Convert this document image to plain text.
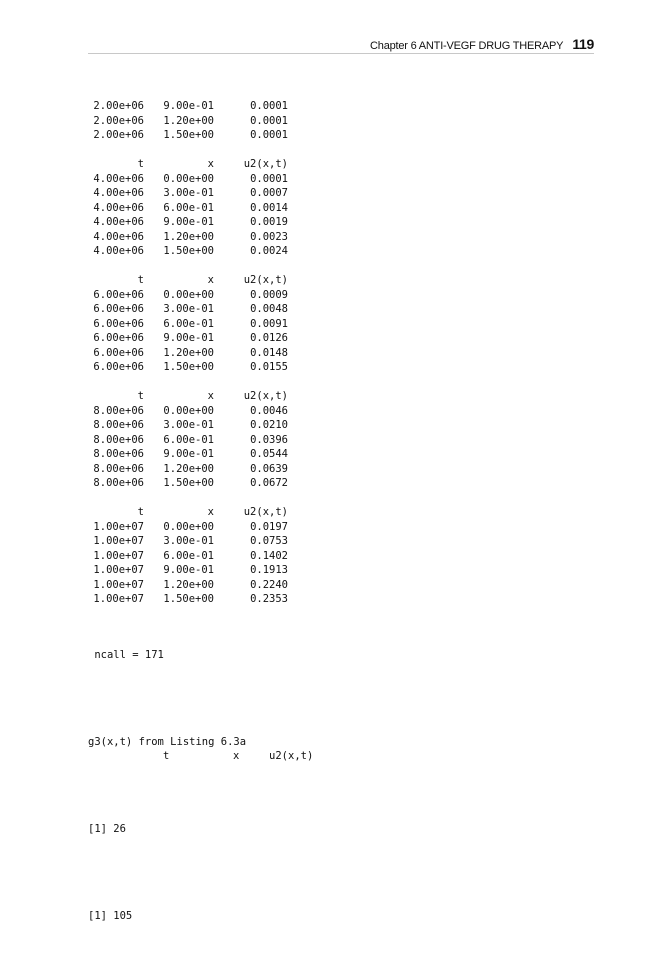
Chapter 6 ANTI-VEGF DRUG THERAPY 119
2.00e+06 9.00e-01	0.0001
2.00e+06 1.20e+00	0.0001
2.00e+06 1.50e+00	0.0001
t	x	u2(x,t)
4.00e+06 0.00e+00	0.0001
4.00e+06 3.00e-01	0.0007
4.00e+06 6.00e-01	0.0014
4.00e+06 9.00e-01	0.0019
4.00e+06 1.20e+00	0.0023
4.00e+06 1.50e+00	0.0024
t	x	u2(x,t)
6.00e+06 0.00e+00	0.0009
6.00e+06 3.00e-01	0.0048
6.00e+06 6.00e-01	0.0091
6.00e+06 9.00e-01	0.0126
6.00e+06 1.20e+00	0.0148
6.00e+06 1.50e+00	0.0155
t	x	u2(x,t)
8.00e+06 0.00e+00	0.0046
8.00e+06 3.00e-01	0.0210
8.00e+06 6.00e-01	0.0396
8.00e+06 9.00e-01	0.0544
8.00e+06 1.20e+00	0.0639
8.00e+06 1.50e+00	0.0672
t	x	u2(x,t)
1.00e+07 0.00e+00	0.0197
1.00e+07 3.00e-01	0.0753
1.00e+07 6.00e-01	0.1402
1.00e+07 9.00e-01	0.1913
1.00e+07 1.20e+00	0.2240
1.00e+07 1.50e+00	0.2353

ncall = 171

g3(x,t) from Listing 6.3a

[1] 26

[1] 105

t	x	u2(x,t)
